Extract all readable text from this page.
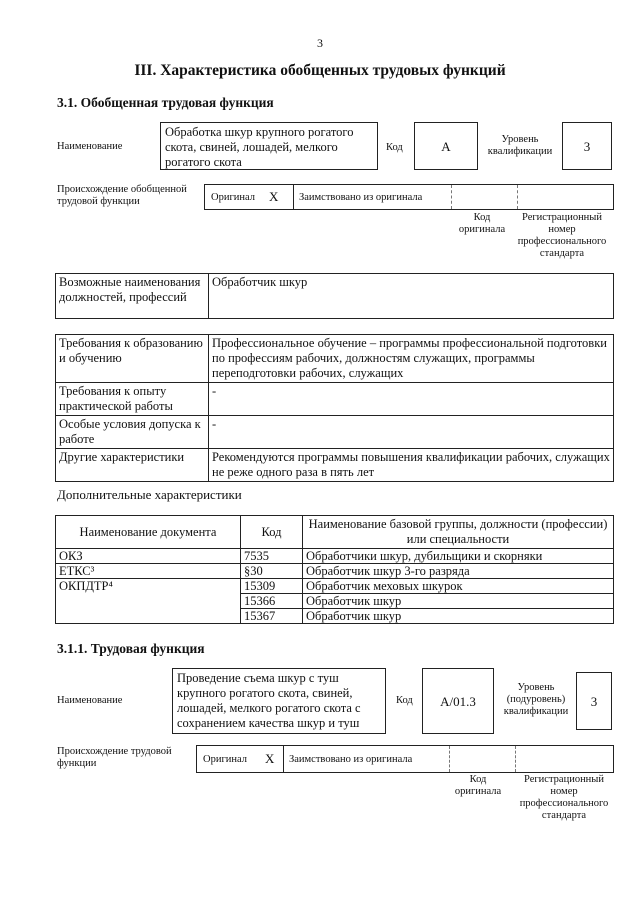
3
III. Характеристика обобщенных трудовых функций
3.1. Обобщенная трудовая функция
Наименование
Обработка шкур крупного рогатого скота, свиней, лошадей, мелкого рогатого скота
Код	А	Уровень квалификации	3
Происхождение обобщенной трудовой функции	Оригинал X Заимствовано из оригинала
Код оригинала
Регистрационный номер профессионального стандарта
Возможные наименования должностей, профессий	Обработчик шкур
Требования к образованию и обучению	Профессиональное обучение – программы профессиональной подготовки по профессиям рабочих, должностям служащих, программы переподготовки рабочих, служащих
Требования к опыту практической работы	-
Особые условия допуска к работе	-
Другие характеристики	Рекомендуются программы повышения квалификации рабочих, служащих не реже одного раза в пять лет
Дополнительные характеристики
Наименование документа	Код	Наименование базовой группы, должности (профессии) или специальности
ОКЗ	7535	Обработчики шкур, дубильщики и скорняки
ЕТКС³	§30	Обработчик шкур 3-го разряда
ОКПДТР⁴	15309	Обработчик меховых шкурок
	15366	Обработчик шкур
	15367	Обработчик шкур
3.1.1. Трудовая функция
Наименование
Проведение съема шкур с туш крупного рогатого скота, свиней, лошадей, мелкого рогатого скота с сохранением качества шкур и туш
Код	А/01.3
Уровень (подуровень) квалификации
3
Происхождение трудовой функции	Оригинал X Заимствовано из оригинала
Код оригинала
Регистрационный номер профессионального стандарта
